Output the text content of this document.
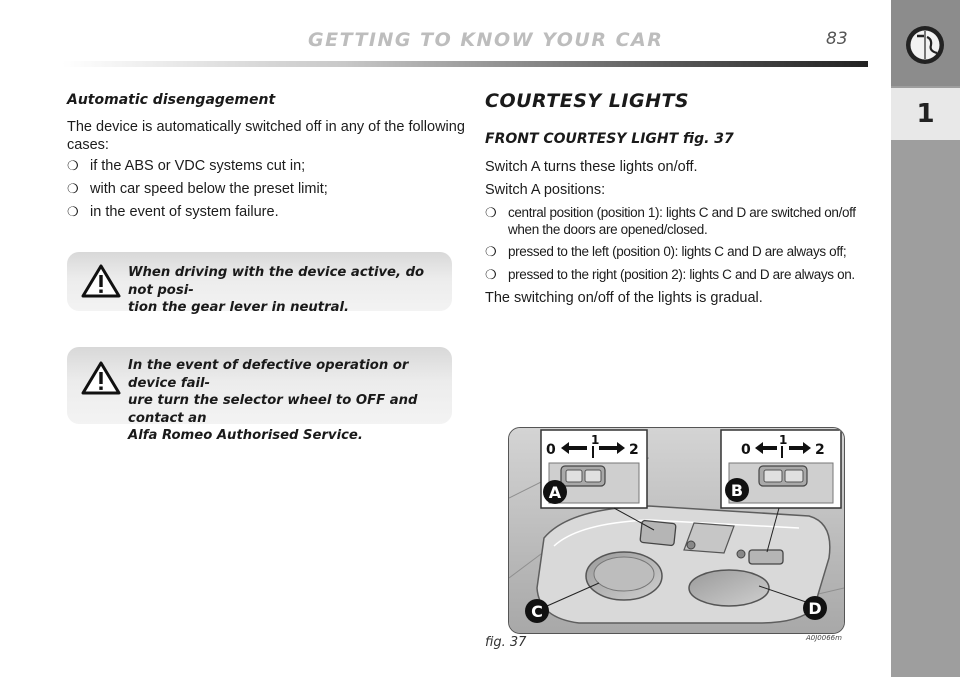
GETTING TO KNOW YOUR CAR	83
1
Automatic disengagement
The device is automatically switched off in any of the following
cases:
❍ if the ABS or VDC systems cut in;
❍ with car speed below the preset limit;
❍ in the event of system failure.
When driving with the device active, do not posi-
tion the gear lever in neutral.
In the event of defective operation or device fail-
ure turn the selector wheel to OFF and contact an
Alfa Romeo Authorised Service.
COURTESY LIGHTS
FRONT COURTESY LIGHT fig. 37
Switch A turns these lights on/off.
Switch A positions:
❍ central position (position 1): lights C and D are switched on/off
when the doors are opened/closed.
❍ pressed to the left (position 0): lights C and D are always off;
❍ pressed to the right (position 2): lights C and D are always on.
The switching on/off of the lights is gradual.
0
1
2	0
1
2
A	B
C	D
fig. 37	A0J0066m
